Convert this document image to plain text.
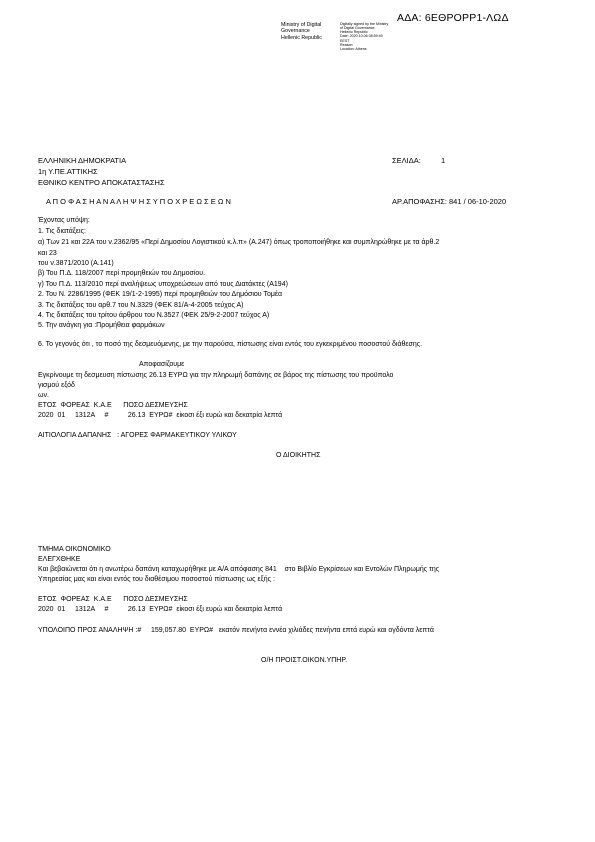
ΑΔΑ: 6ΕΘΡΟΡΡ1-ΛΩΔ
Ministry of Digital
Governance
Hellenic Republic
Digitally signed by the Ministry
of Digital Governance,
Hellenic Republic
Date: 2020.10.06 08:59:49
EEST
Reason:
Location: Athens
ΕΛΛΗΝΙΚΗ ΔΗΜΟΚΡΑΤΙΑ
1η Υ.ΠΕ.ΑΤΤΙΚΗΣ
ΕΘΝΙΚΟ ΚΕΝΤΡΟ ΑΠΟΚΑΤΑΣΤΑΣΗΣ
ΣΕΛΙΔΑ:	1
Α Π Ο Φ Α Σ Η Α Ν Α Λ Η Ψ Η Σ Υ Π Ο Χ Ρ Ε Ω Σ Ε Ω Ν	ΑΡ.ΑΠΟΦΑΣΗΣ: 841 / 06-10-2020
Έχοντας υπόψη:
1. Τις διατάξεις:
α) Των 21 και 22Α του ν.2362/95 «Περί Δημοσίου Λογιστικού κ.λ.π» (Α.247) όπως τροποποιήθηκε και συμπληρώθηκε με τα άρθ.2
και 23
του ν.3871/2010 (Α.141)
β) Του Π.Δ. 118/2007 περί προμηθειών του Δημοσίου.
γ) Του Π.Δ. 113/2010 περί αναλήψεως υποχρεώσεων από τους Διατάκτες (Α194)
2. Του Ν. 2286/1995 (ΦΕΚ 19/1-2-1995) περί προμηθειών του Δημόσιου Τομέα
3. Τις διατάξεις του αρθ.7 του Ν.3329 (ΦΕΚ 81/Α-4-2005 τεύχος Α)
4. Τις διατάξεις του τρίτου άρθρου του Ν.3527 (ΦΕΚ 25/9-2-2007 τεύχος Α)
5. Την ανάγκη για :Προμήθεια φαρμάκων
6. Το γεγονός ότι , το ποσό της δεσμευόμενης, με την παρούσα, πίστωσης είναι εντός του εγκεκριμένου ποσοστού διάθεσης.
Αποφασίζουμε
Εγκρίνουμε τη δεσμευση πίστωσης 26.13 ΕΥΡΩ για την πληρωμή δαπάνης σε βάρος της πίστωσης του προϋπολο
γισμού εξόδ
ων.
ΕΤΟΣ  ΦΟΡΕΑΣ  Κ.Α.Ε      ΠΟΣΟ ΔΕΣΜΕΥΣΗΣ
2020  01     1312Α     #          26.13  ΕΥΡΩ#  είκοσι έξι ευρώ και δεκατρία λεπτά
ΑΙΤΙΟΛΟΓΙΑ ΔΑΠΑΝΗΣ   : ΑΓΟΡΕΣ ΦΑΡΜΑΚΕΥΤΙΚΟΥ ΥΛΙΚΟΥ
Ο ΔΙΟΙΚΗΤΗΣ
ΤΜΗΜΑ ΟΙΚΟΝΟΜΙΚΟ
ΕΛΕΓΧΘΗΚΕ
Και βεβαιώνεται ότι η ανωτέρω δαπάνη καταχωρήθηκε με Α/Α απόφασης 841    στο Βιβλίο Εγκρίσεων και Εντολών Πληρωμής της
Υπηρεσίας μας και είναι εντός του διαθέσιμου ποσοστού πίστωσης ως εξής :
ΕΤΟΣ  ΦΟΡΕΑΣ  Κ.Α.Ε      ΠΟΣΟ ΔΕΣΜΕΥΣΗΣ
2020  01     1312Α     #          26.13  ΕΥΡΩ#  είκοσι έξι ευρώ και δεκατρία λεπτά
ΥΠΟΛΟΙΠΟ ΠΡΟΣ ΑΝΑΛΗΨΗ :#     159,057.80  ΕΥΡΩ#   εκατόν πενήντα εννέα χιλιάδες πενήντα επτά ευρώ και ογδόντα λεπτά
Ο/Η ΠΡΟΙΣΤ.ΟΙΚΟΝ.ΥΠΗΡ.
